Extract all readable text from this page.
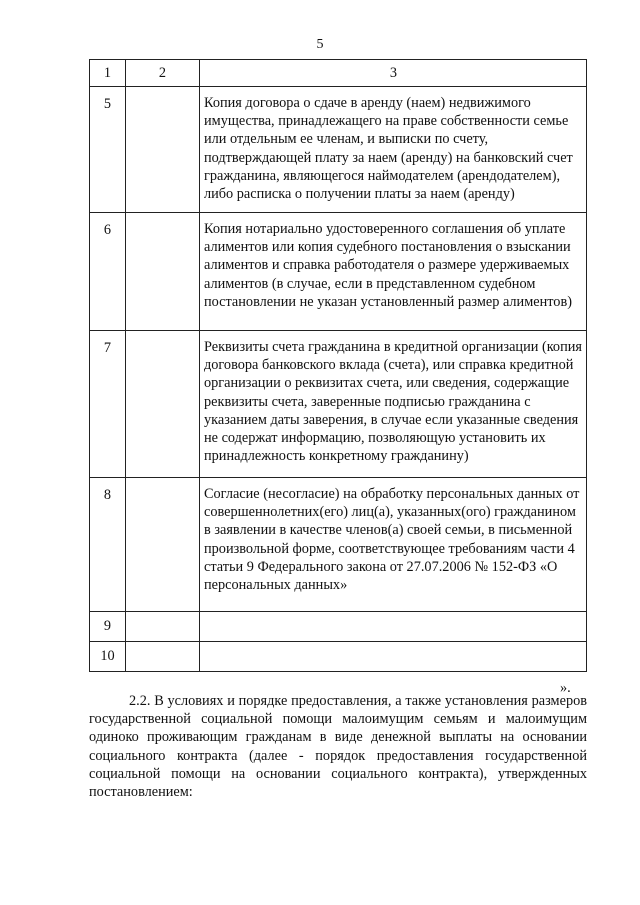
5
1	2	3

5		Копия договора о сдаче в аренду (наем) недвижимого имущества, принадлежащего на праве собственности семье или отдельным ее членам, и выписки по счету, подтверждающей плату за наем (аренду) на банковский счет гражданина, являющегося наймодателем (арендодателем), либо расписка о получении платы за наем (аренду)

6		Копия нотариально удостоверенного соглашения об уплате алиментов или копия судебного постановления о взыскании алиментов и справка работодателя о размере удерживаемых алиментов (в случае, если в представленном судебном постановлении не указан установленный размер алиментов)

7		Реквизиты счета гражданина в кредитной организации (копия договора банковского вклада (счета), или справка кредитной организации о реквизитах счета, или сведения, содержащие реквизиты счета, заверенные подписью гражданина с указанием даты заверения, в случае если указанные сведения не содержат информацию, позволяющую установить их принадлежность конкретному гражданину)

8		Согласие (несогласие) на обработку персональных данных от совершеннолетних(его) лиц(а), указанных(ого) гражданином в заявлении в качестве членов(а) своей семьи, в письменной произвольной форме, соответствующее требованиям части 4 статьи 9 Федерального закона от 27.07.2006 № 152-ФЗ «О персональных данных»

9		

10		

».

2.2. В условиях и порядке предоставления, а также установления размеров государственной социальной помощи малоимущим семьям и малоимущим одиноко проживающим гражданам в виде денежной выплаты на основании социального контракта (далее - порядок предоставления государственной социальной помощи на основании социального контракта), утвержденных постановлением:
